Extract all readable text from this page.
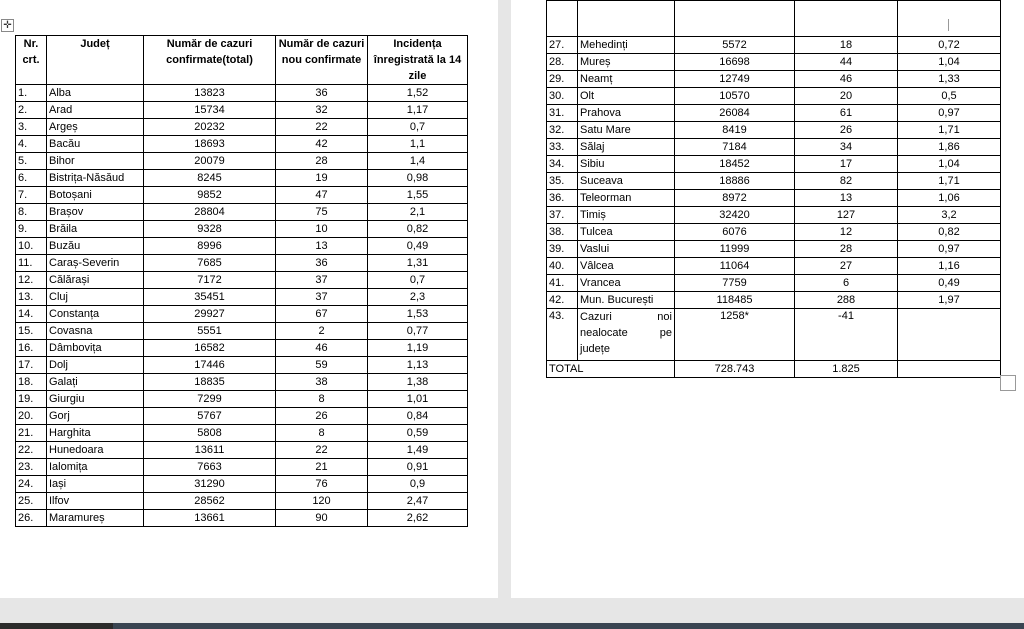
✛
Nr. crt.	Județ	Număr de cazuri confirmate(total)	Număr de cazuri nou confirmate	Incidența înregistrată la 14 zile
1.	Alba	13823	36	1,52
2.	Arad	15734	32	1,17
3.	Argeș	20232	22	0,7
4.	Bacău	18693	42	1,1
5.	Bihor	20079	28	1,4
6.	Bistrița-Năsăud	8245	19	0,98
7.	Botoșani	9852	47	1,55
8.	Brașov	28804	75	2,1
9.	Brăila	9328	10	0,82
10.	Buzău	8996	13	0,49
11.	Caraș-Severin	7685	36	1,31
12.	Călărași	7172	37	0,7
13.	Cluj	35451	37	2,3
14.	Constanța	29927	67	1,53
15.	Covasna	5551	2	0,77
16.	Dâmbovița	16582	46	1,19
17.	Dolj	17446	59	1,13
18.	Galați	18835	38	1,38
19.	Giurgiu	7299	8	1,01
20.	Gorj	5767	26	0,84
21.	Harghita	5808	8	0,59
22.	Hunedoara	13611	22	1,49
23.	Ialomița	7663	21	0,91
24.	Iași	31290	76	0,9
25.	Ilfov	28562	120	2,47
26.	Maramureș	13661	90	2,62

27.	Mehedinți	5572	18	0,72
28.	Mureș	16698	44	1,04
29.	Neamț	12749	46	1,33
30.	Olt	10570	20	0,5
31.	Prahova	26084	61	0,97
32.	Satu Mare	8419	26	1,71
33.	Sălaj	7184	34	1,86
34.	Sibiu	18452	17	1,04
35.	Suceava	18886	82	1,71
36.	Teleorman	8972	13	1,06
37.	Timiș	32420	127	3,2
38.	Tulcea	6076	12	0,82
39.	Vaslui	11999	28	0,97
40.	Vâlcea	11064	27	1,16
41.	Vrancea	7759	6	0,49
42.	Mun. București	118485	288	1,97
43.	Cazuri noi nealocate pe județe	1258*	-41	
TOTAL		728.743	1.825	
